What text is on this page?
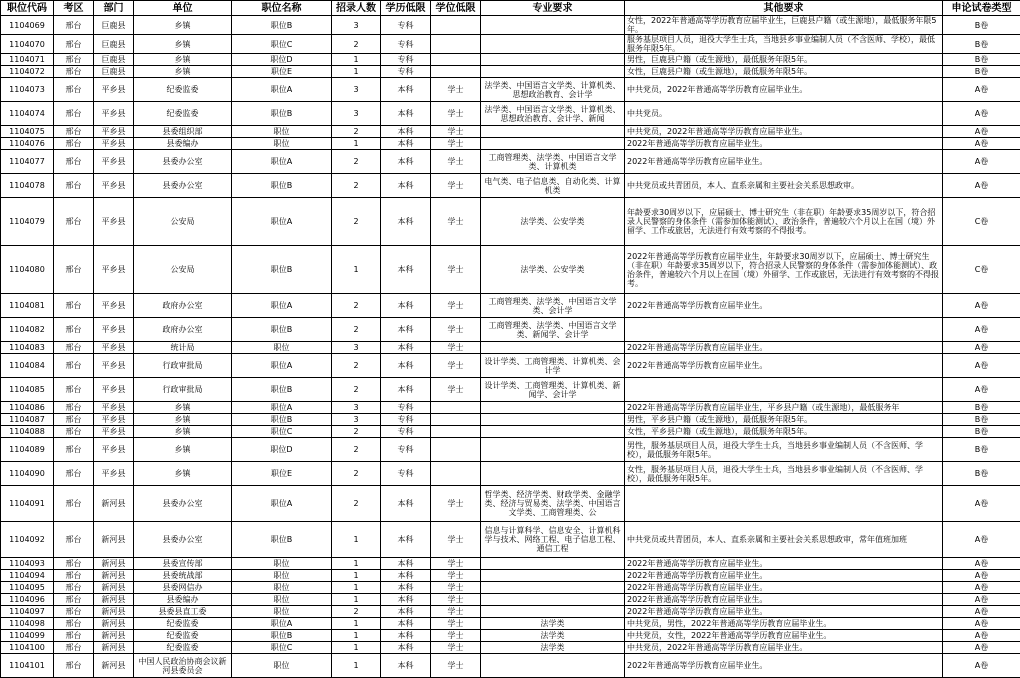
职位代码	考区	部门	单位	职位名称	招录人数	学历低限	学位低限	专业要求	其他要求	申论试卷类型
1104069	邢台	巨鹿县	乡镇	职位B	3	专科			女性，2022年普通高等学历教育应届毕业生，巨鹿县户籍（或生源地），最低服务年限5年。	B卷
1104070	邢台	巨鹿县	乡镇	职位C	2	专科			服务基层项目人员，退役大学生士兵，当地县乡事业编制人员（不含医师、学校），最低服务年限5年。	B卷
1104071	邢台	巨鹿县	乡镇	职位D	1	专科			男性，巨鹿县户籍（或生源地），最低服务年限5年。	B卷
1104072	邢台	巨鹿县	乡镇	职位E	1	专科			女性，巨鹿县户籍（或生源地），最低服务年限5年。	B卷
1104073	邢台	平乡县	纪委监委	职位A	3	本科	学士	法学类、中国语言文学类、计算机类、思想政治教育、会计学	中共党员，2022年普通高等学历教育应届毕业生。	A卷
1104074	邢台	平乡县	纪委监委	职位B	3	本科	学士	法学类、中国语言文学类、计算机类、思想政治教育、会计学、新闻	中共党员。	A卷
1104075	邢台	平乡县	县委组织部	职位	2	本科	学士		中共党员，2022年普通高等学历教育应届毕业生。	A卷
1104076	邢台	平乡县	县委编办	职位	1	本科	学士		2022年普通高等学历教育应届毕业生。	A卷
1104077	邢台	平乡县	县委办公室	职位A	2	本科	学士	工商管理类、法学类、中国语言文学类、计算机类	2022年普通高等学历教育应届毕业生。	A卷
1104078	邢台	平乡县	县委办公室	职位B	2	本科	学士	电气类、电子信息类、自动化类、计算机类	中共党员或共青团员，本人、直系亲属和主要社会关系思想政审。	A卷
1104079	邢台	平乡县	公安局	职位A	2	本科	学士	法学类、公安学类	年龄要求30周岁以下，应届硕士、博士研究生（非在职）年龄要求35周岁以下，符合招录人民警察的身体条件（需参加体能测试）、政治条件，普遍较六个月以上在国（境）外留学、工作或旅居，无法进行有效考察的不得报考。	C卷
1104080	邢台	平乡县	公安局	职位B	1	本科	学士	法学类、公安学类	2022年普通高等学历教育应届毕业生，年龄要求30周岁以下，应届硕士、博士研究生（非在职）年龄要求35周岁以下，符合招录人民警察的身体条件（需参加体能测试）、政治条件，普遍较六个月以上在国（境）外留学、工作或旅居，无法进行有效考察的不得报考。	C卷
1104081	邢台	平乡县	政府办公室	职位A	2	本科	学士	工商管理类、法学类、中国语言文学类、会计学	2022年普通高等学历教育应届毕业生。	A卷
1104082	邢台	平乡县	政府办公室	职位B	2	本科	学士	工商管理类、法学类、中国语言文学类、新闻学、会计学		A卷
1104083	邢台	平乡县	统计局	职位	3	本科	学士		2022年普通高等学历教育应届毕业生。	A卷
1104084	邢台	平乡县	行政审批局	职位A	2	本科	学士	设计学类、工商管理类、计算机类、会计学	2022年普通高等学历教育应届毕业生。	A卷
1104085	邢台	平乡县	行政审批局	职位B	2	本科	学士	设计学类、工商管理类、计算机类、新闻学、会计学		A卷
1104086	邢台	平乡县	乡镇	职位A	3	专科			2022年普通高等学历教育应届毕业生，平乡县户籍（或生源地），最低服务年	B卷
1104087	邢台	平乡县	乡镇	职位B	3	专科			男性，平乡县户籍（或生源地），最低服务年限5年。	B卷
1104088	邢台	平乡县	乡镇	职位C	2	专科			女性，平乡县户籍（或生源地），最低服务年限5年。	B卷
1104089	邢台	平乡县	乡镇	职位D	2	专科			男性，服务基层项目人员，退役大学生士兵，当地县乡事业编制人员（不含医师、学校），最低服务年限5年。	B卷
1104090	邢台	平乡县	乡镇	职位E	2	专科			女性，服务基层项目人员，退役大学生士兵，当地县乡事业编制人员（不含医师、学校），最低服务年限5年。	B卷
1104091	邢台	新河县	县委办公室	职位A	2	本科	学士	哲学类、经济学类、财政学类、金融学类、经济与贸易类、法学类、中国语言文学类、工商管理类、公		A卷
1104092	邢台	新河县	县委办公室	职位B	1	本科	学士	信息与计算科学、信息安全、计算机科学与技术、网络工程、电子信息工程、通信工程	中共党员或共青团员，本人、直系亲属和主要社会关系思想政审，常年值班加班	A卷
1104093	邢台	新河县	县委宣传部	职位	1	本科	学士		2022年普通高等学历教育应届毕业生。	A卷
1104094	邢台	新河县	县委统战部	职位	1	本科	学士		2022年普通高等学历教育应届毕业生。	A卷
1104095	邢台	新河县	县委网信办	职位	1	本科	学士		2022年普通高等学历教育应届毕业生。	A卷
1104096	邢台	新河县	县委编办	职位	1	本科	学士		2022年普通高等学历教育应届毕业生。	A卷
1104097	邢台	新河县	县委县直工委	职位	2	本科	学士		2022年普通高等学历教育应届毕业生。	A卷
1104098	邢台	新河县	纪委监委	职位A	1	本科	学士	法学类	中共党员，男性，2022年普通高等学历教育应届毕业生。	A卷
1104099	邢台	新河县	纪委监委	职位B	1	本科	学士	法学类	中共党员，女性，2022年普通高等学历教育应届毕业生。	A卷
1104100	邢台	新河县	纪委监委	职位C	1	本科	学士	法学类	中共党员，2022年普通高等学历教育应届毕业生。	A卷
1104101	邢台	新河县	中国人民政治协商会议新河县委员会	职位	1	本科	学士		2022年普通高等学历教育应届毕业生。	A卷
